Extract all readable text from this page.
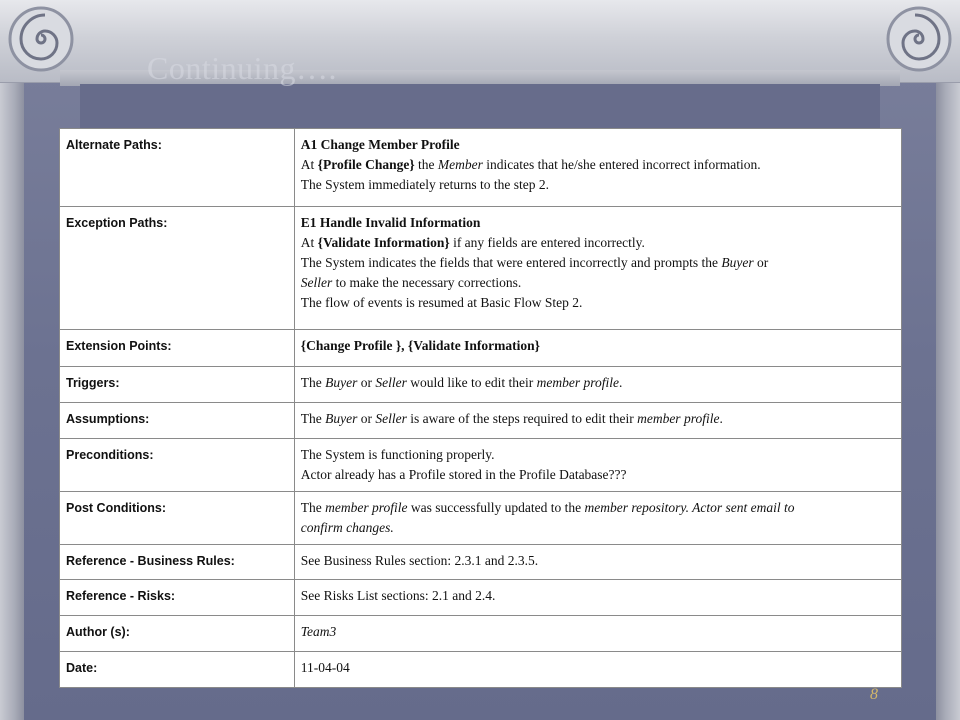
Continuing….
Alternate Paths:	A1 Change Member Profile
At {Profile Change} the Member indicates that he/she entered incorrect information.
The System immediately returns to the step 2.

Exception Paths:	E1 Handle Invalid Information
At {Validate Information} if any fields are entered incorrectly.
The System indicates the fields that were entered incorrectly and prompts the Buyer or
Seller to make the necessary corrections.
The flow of events is resumed at Basic Flow Step 2.

Extension Points:	{Change Profile }, {Validate Information}

Triggers:	The Buyer or Seller would like to edit their member profile.

Assumptions:	The Buyer or Seller is aware of the steps required to edit their member profile.

Preconditions:	The System is functioning properly.
Actor already has a Profile stored in the Profile Database???

Post Conditions:	The member profile was successfully updated to the member repository. Actor sent email to
confirm changes.

Reference - Business Rules:	See Business Rules section: 2.3.1 and 2.3.5.

Reference - Risks:	See Risks List sections: 2.1 and 2.4.

Author (s):	Team3

Date:	11-04-04
8
